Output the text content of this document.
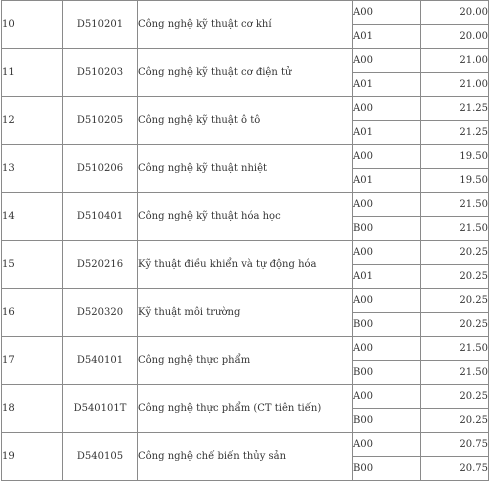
10	D510201	Công nghệ kỹ thuật cơ khí	A00	20.00
			A01	20.00
11	D510203	Công nghệ kỹ thuật cơ điện tử	A00	21.00
			A01	21.00
12	D510205	Công nghệ kỹ thuật ô tô	A00	21.25
			A01	21.25
13	D510206	Công nghệ kỹ thuật nhiệt	A00	19.50
			A01	19.50
14	D510401	Công nghệ kỹ thuật hóa học	A00	21.50
			B00	21.50
15	D520216	Kỹ thuật điều khiển và tự động hóa	A00	20.25
			A01	20.25
16	D520320	Kỹ thuật môi trường	A00	20.25
			B00	20.25
17	D540101	Công nghệ thực phẩm	A00	21.50
			B00	21.50
18	D540101T	Công nghệ thực phẩm (CT tiên tiến)	A00	20.25
			B00	20.25
19	D540105	Công nghệ chế biến thủy sản	A00	20.75
			B00	20.75
